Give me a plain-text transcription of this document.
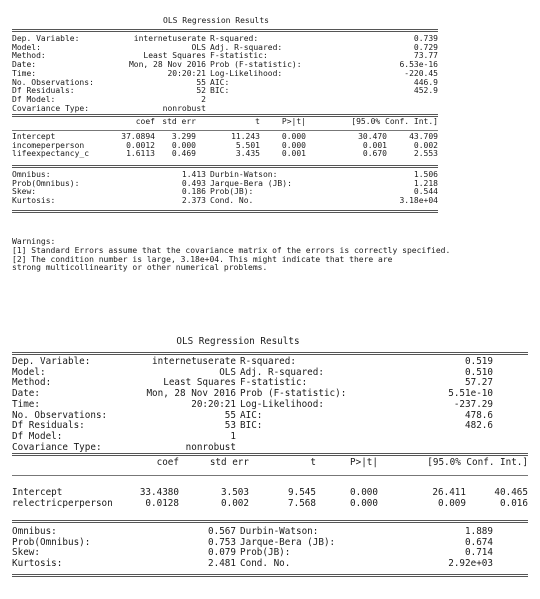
OLS Regression Results
Dep. Variable:	internetuserate
Model:	OLS
Method:	Least Squares
Date:	Mon, 28 Nov 2016
Time:	20:20:21
No. Observations:	55
Df Residuals:	52
Df Model:	2
Covariance Type:	nonrobust
R-squared:	0.739
Adj. R-squared:	0.729
F-statistic:	73.77
Prob (F-statistic):	6.53e-16
Log-Likelihood:	-220.45
AIC:	446.9
BIC:	452.9
coef std err	t	P>|t|	[95.0% Conf. Int.]
Intercept	37.0894 3.299	11.243	0.000	30.470	43.709
incomeperperson	0.0012 0.000	5.501	0.000	0.001	0.002
lifeexpectancy_c	1.6113 0.469	3.435	0.001	0.670	2.553
Omnibus:	1.413
Prob(Omnibus):	0.493
Skew:	0.186
Kurtosis:	2.373
Durbin-Watson:	1.506
Jarque-Bera (JB):	1.218
Prob(JB):	0.544
Cond. No.	3.18e+04
Warnings:
[1] Standard Errors assume that the covariance matrix of the errors is correctly specified.
[2] The condition number is large, 3.18e+04. This might indicate that there are
strong multicollinearity or other numerical problems.
OLS Regression Results
Dep. Variable:	internetuserate
Model:	OLS
Method:	Least Squares
Date:	Mon, 28 Nov 2016
Time:	20:20:21
No. Observations:	55
Df Residuals:	53
Df Model:	1
Covariance Type:	nonrobust
R-squared:	0.519
Adj. R-squared:	0.510
F-statistic:	57.27
Prob (F-statistic):	5.51e-10
Log-Likelihood:	-237.29
AIC:	478.6
BIC:	482.6
coef	std err	t	P>|t|	[95.0% Conf. Int.]
Intercept	33.4380	3.503	9.545	0.000	26.411	40.465
relectricperperson	0.0128	0.002	7.568	0.000	0.009	0.016
Omnibus:	0.567
Prob(Omnibus):	0.753
Skew:	0.079
Kurtosis:	2.481
Durbin-Watson:	1.889
Jarque-Bera (JB):	0.674
Prob(JB):	0.714
Cond. No.	2.92e+03
